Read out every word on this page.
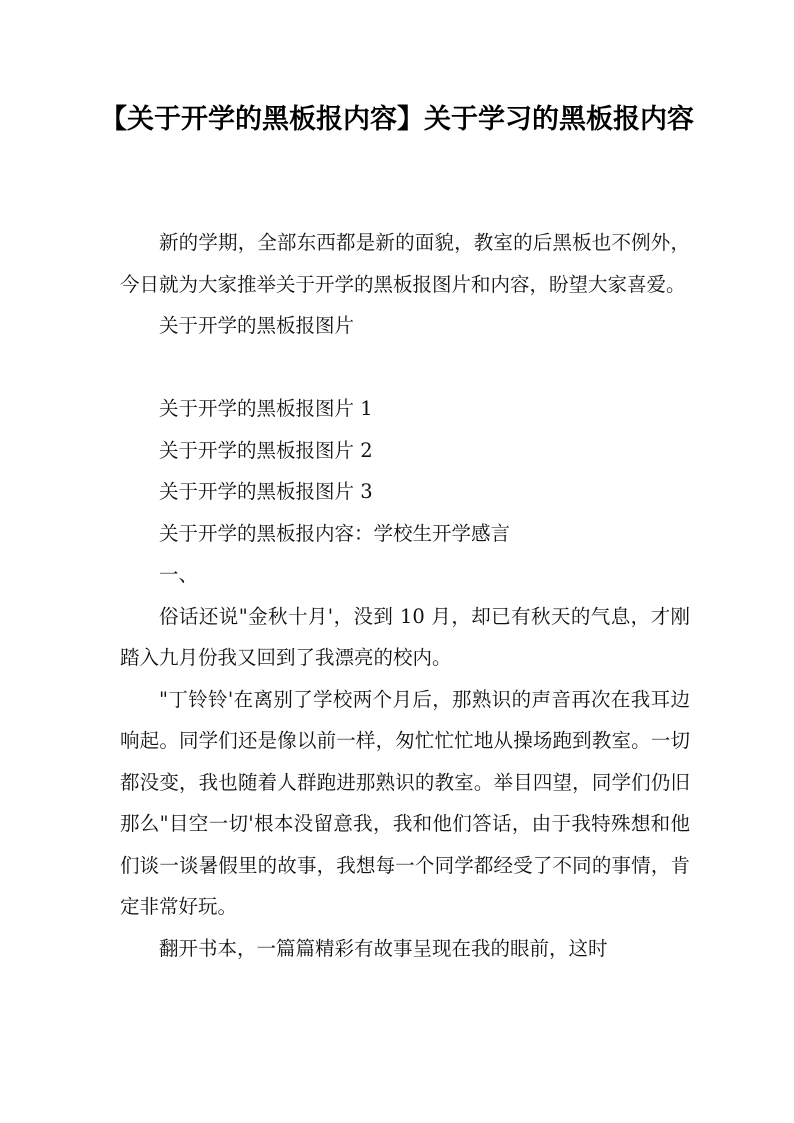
【关于开学的黑板报内容】关于学习的黑板报内容

新的学期，全部东西都是新的面貌，教室的后黑板也不例外，今日就为大家推举关于开学的黑板报图片和内容，盼望大家喜爱。

关于开学的黑板报图片

关于开学的黑板报图片 1

关于开学的黑板报图片 2

关于开学的黑板报图片 3

关于开学的黑板报内容：学校生开学感言

一、

俗话还说"金秋十月'，没到 10 月，却已有秋天的气息，才刚踏入九月份我又回到了我漂亮的校内。

"丁铃铃'在离别了学校两个月后，那熟识的声音再次在我耳边响起。同学们还是像以前一样，匆忙忙忙地从操场跑到教室。一切都没变，我也随着人群跑进那熟识的教室。举目四望，同学们仍旧那么"目空一切'根本没留意我，我和他们答话，由于我特殊想和他们谈一谈暑假里的故事，我想每一个同学都经受了不同的事情，肯定非常好玩。

翻开书本，一篇篇精彩有故事呈现在我的眼前，这时
